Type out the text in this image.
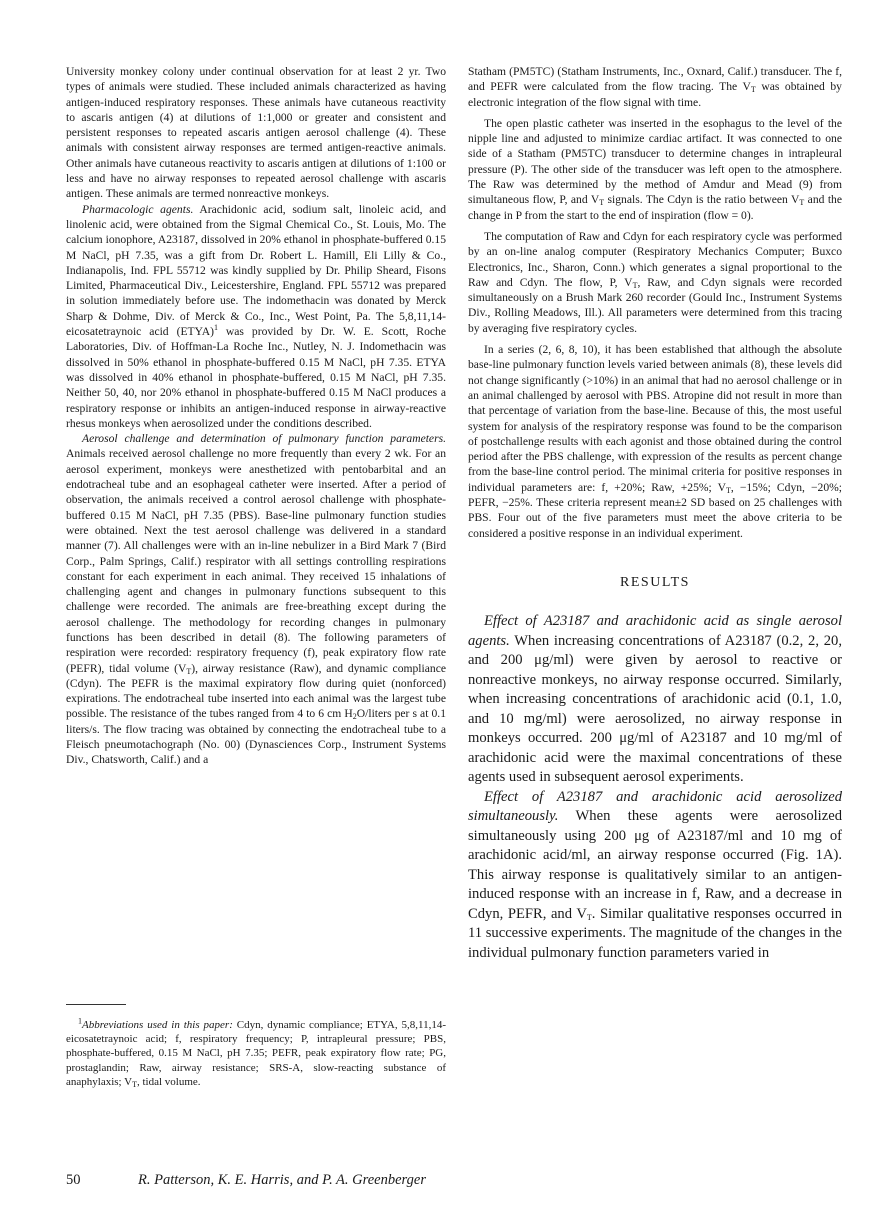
University monkey colony under continual observation for at least 2 yr. Two types of animals were studied. These included animals characterized as having antigen-induced respiratory responses. These animals have cutaneous reactivity to ascaris antigen (4) at dilutions of 1:1,000 or greater and consistent and persistent responses to repeated ascaris antigen aerosol challenge (4). These animals with consistent airway responses are termed antigen-reactive animals. Other animals have cutaneous reactivity to ascaris antigen at dilutions of 1:100 or less and have no airway responses to repeated aerosol challenge with ascaris antigen. These animals are termed nonreactive monkeys.

Pharmacologic agents. Arachidonic acid, sodium salt, linoleic acid, and linolenic acid, were obtained from the Sigmal Chemical Co., St. Louis, Mo. The calcium ionophore, A23187, dissolved in 20% ethanol in phosphate-buffered 0.15 M NaCl, pH 7.35, was a gift from Dr. Robert L. Hamill, Eli Lilly & Co., Indianapolis, Ind. FPL 55712 was kindly supplied by Dr. Philip Sheard, Fisons Limited, Pharmaceutical Div., Leicestershire, England. FPL 55712 was prepared in solution immediately before use. The indomethacin was donated by Merck Sharp & Dohme, Div. of Merck & Co., Inc., West Point, Pa. The 5,8,11,14-eicosatetraynoic acid (ETYA)$^1$ was provided by Dr. W. E. Scott, Roche Laboratories, Div. of Hoffman-La Roche Inc., Nutley, N. J. Indomethacin was dissolved in 50% ethanol in phosphate-buffered 0.15 M NaCl, pH 7.35. ETYA was dissolved in 40% ethanol in phosphate-buffered, 0.15 M NaCl, pH 7.35. Neither 50, 40, nor 20% ethanol in phosphate-buffered 0.15 M NaCl produces a respiratory response or inhibits an antigen-induced response in airway-reactive rhesus monkeys when aerosolized under the conditions described.

Aerosol challenge and determination of pulmonary function parameters. Animals received aerosol challenge no more frequently than every 2 wk. For an aerosol experiment, monkeys were anesthetized with pentobarbital and an endotracheal tube and an esophageal catheter were inserted. After a period of observation, the animals received a control aerosol challenge with phosphate-buffered 0.15 M NaCl, pH 7.35 (PBS). Base-line pulmonary function studies were obtained. Next the test aerosol challenge was delivered in a standard manner (7). All challenges were with an in-line nebulizer in a Bird Mark 7 (Bird Corp., Palm Springs, Calif.) respirator with all settings controlling respirations constant for each experiment in each animal. They received 15 inhalations of challenging agent and changes in pulmonary functions subsequent to this challenge were recorded. The animals are free-breathing except during the aerosol challenge. The methodology for recording changes in pulmonary functions has been described in detail (8). The following parameters of respiration were recorded: respiratory frequency (f), peak expiratory flow rate (PEFR), tidal volume $(V_T)$, airway resistance (Raw), and dynamic compliance (Cdyn). The PEFR is the maximal expiratory flow during quiet (nonforced) expirations. The endotracheal tube inserted into each animal was the largest tube possible. The resistance of the tubes ranged from 4 to 6 cm $H_2O$/liters per s at 0.1 liters/s. The flow tracing was obtained by connecting the endotracheal tube to a Fleisch pneumotachograph (No. 00) (Dynasciences Corp., Instrument Systems Div., Chatsworth, Calif.) and a

$^1$Abbreviations used in this paper: Cdyn, dynamic compliance; ETYA, 5,8,11,14-eicosatetraynoic acid; f, respiratory frequency; P, intrapleural pressure; PBS, phosphate-buffered, 0.15 M NaCl, pH 7.35; PEFR, peak expiratory flow rate; PG, prostaglandin; Raw, airway resistance; SRS-A, slow-reacting substance of anaphylaxis; $V_T$, tidal volume.

Statham (PM5TC) (Statham Instruments, Inc., Oxnard, Calif.) transducer. The f, and PEFR were calculated from the flow tracing. The $V_T$ was obtained by electronic integration of the flow signal with time.

The open plastic catheter was inserted in the esophagus to the level of the nipple line and adjusted to minimize cardiac artifact. It was connected to one side of a Statham (PM5TC) transducer to determine changes in intrapleural pressure (P). The other side of the transducer was left open to the atmosphere. The Raw was determined by the method of Amdur and Mead (9) from simultaneous flow, P, and $V_T$ signals. The Cdyn is the ratio between $V_T$ and the change in P from the start to the end of inspiration (flow = 0).

The computation of Raw and Cdyn for each respiratory cycle was performed by an on-line analog computer (Respiratory Mechanics Computer; Buxco Electronics, Inc., Sharon, Conn.) which generates a signal proportional to the Raw and Cdyn. The flow, P, $V_T$, Raw, and Cdyn signals were recorded simultaneously on a Brush Mark 260 recorder (Gould Inc., Instrument Systems Div., Rolling Meadows, Ill.). All parameters were determined from this tracing by averaging five respiratory cycles.

In a series (2, 6, 8, 10), it has been established that although the absolute base-line pulmonary function levels varied between animals (8), these levels did not change significantly (>10%) in an animal that had no aerosol challenge or in an animal challenged by aerosol with PBS. Atropine did not result in more than that percentage of variation from the base-line. Because of this, the most useful system for analysis of the respiratory response was found to be the comparison of postchallenge results with each agonist and those obtained during the control period after the PBS challenge, with expression of the results as percent change from the base-line control period. The minimal criteria for positive responses in individual parameters are: f, +20%; Raw, +25%; $V_T$, −15%; Cdyn, −20%; PEFR, −25%. These criteria represent mean±2 SD based on 25 challenges with PBS. Four out of the five parameters must meet the above criteria to be considered a positive response in an individual experiment.

RESULTS

Effect of A23187 and arachidonic acid as single aerosol agents. When increasing concentrations of A23187 (0.2, 2, 20, and 200 μg/ml) were given by aerosol to reactive or nonreactive monkeys, no airway response occurred. Similarly, when increasing concentrations of arachidonic acid (0.1, 1.0, and 10 mg/ml) were aerosolized, no airway response in monkeys occurred. 200 μg/ml of A23187 and 10 mg/ml of arachidonic acid were the maximal concentrations of these agents used in subsequent aerosol experiments.

Effect of A23187 and arachidonic acid aerosolized simultaneously. When these agents were aerosolized simultaneously using 200 μg of A23187/ml and 10 mg of arachidonic acid/ml, an airway response occurred (Fig. 1A). This airway response is qualitatively similar to an antigen-induced response with an increase in f, Raw, and a decrease in Cdyn, PEFR, and $V_T$. Similar qualitative responses occurred in 11 successive experiments. The magnitude of the changes in the individual pulmonary function parameters varied in

50	R. Patterson, K. E. Harris, and P. A. Greenberger
